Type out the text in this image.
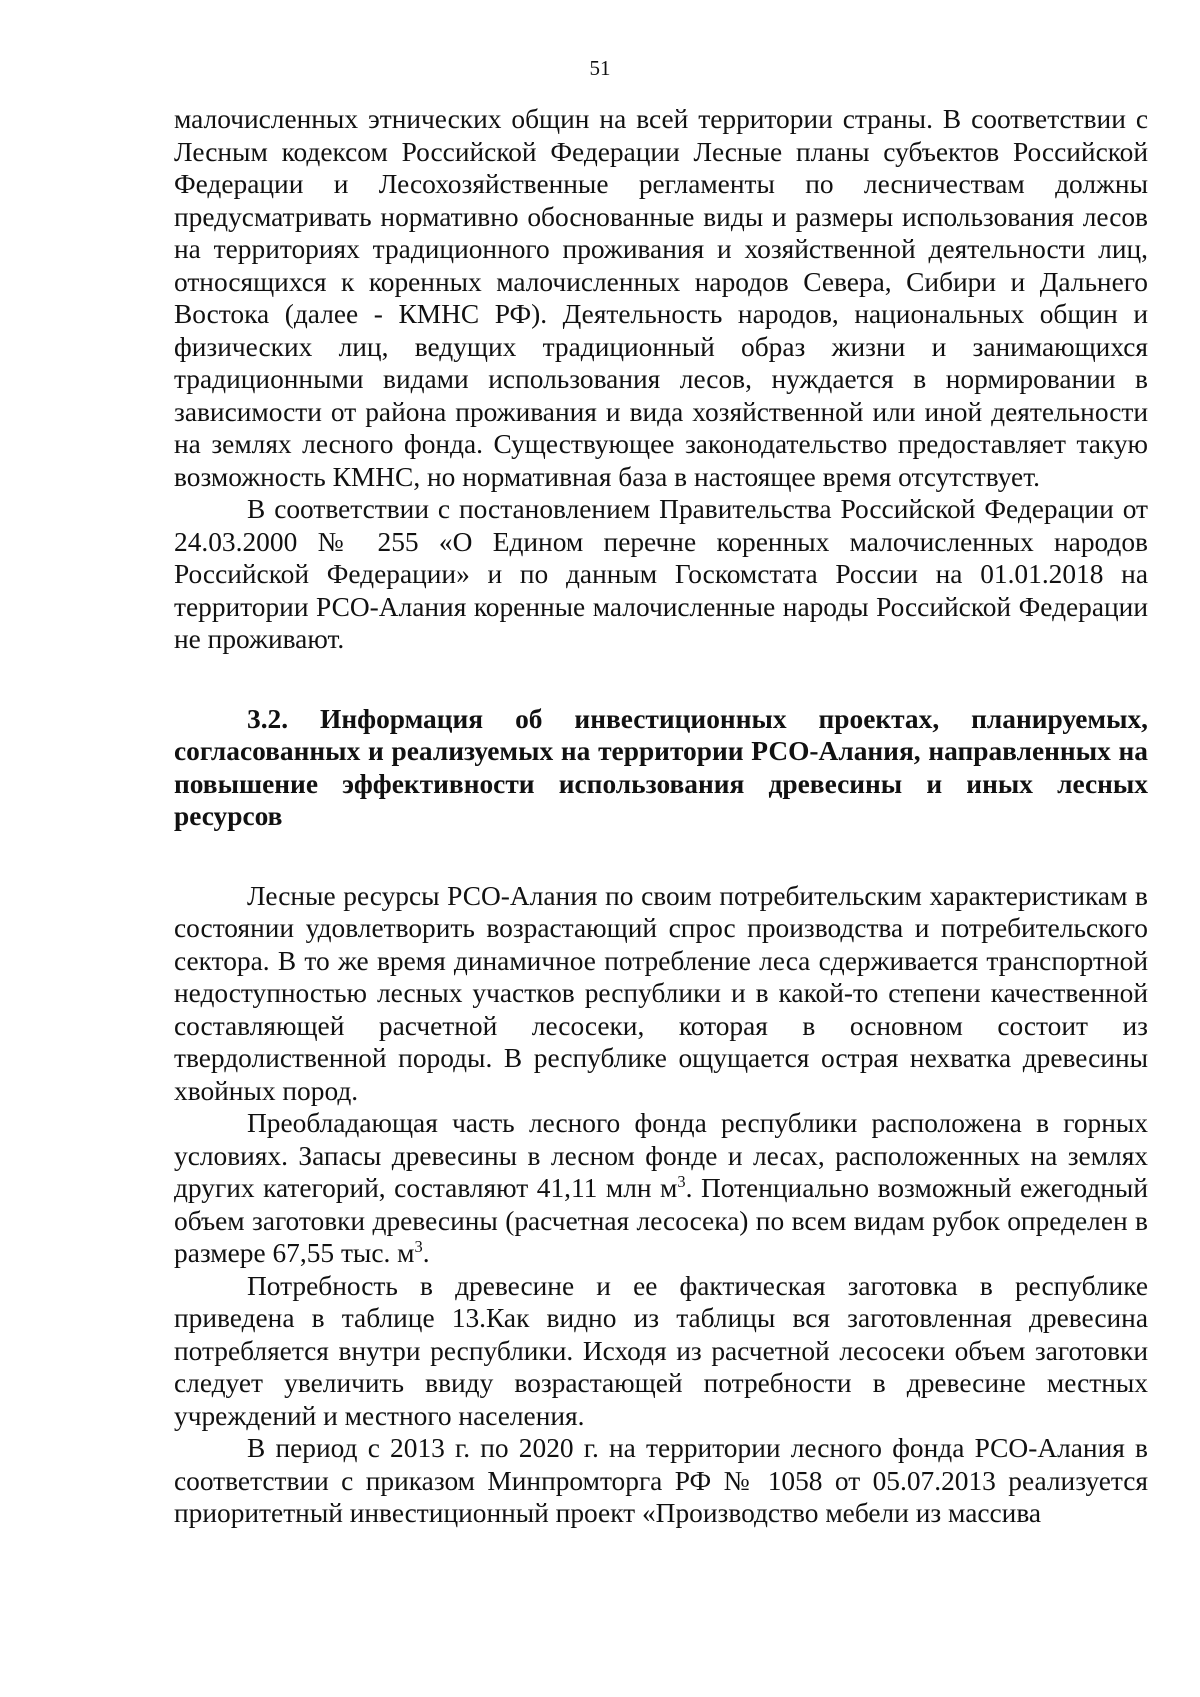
51

малочисленных этнических общин на всей территории страны. В соответствии с Лесным кодексом Российской Федерации Лесные планы субъектов Российской Федерации и Лесохозяйственные регламенты по лесничествам должны предусматривать нормативно обоснованные виды и размеры использования лесов на территориях традиционного проживания и хозяйственной деятельности лиц, относящихся к коренных малочисленных народов Севера, Сибири и Дальнего Востока (далее - КМНС РФ). Деятельность народов, национальных общин и физических лиц, ведущих традиционный образ жизни и занимающихся традиционными видами использования лесов, нуждается в нормировании в зависимости от района проживания и вида хозяйственной или иной деятельности на землях лесного фонда. Существующее законодательство предоставляет такую возможность КМНС, но нормативная база в настоящее время отсутствует.

В соответствии с постановлением Правительства Российской Федерации от 24.03.2000 № 255 «О Едином перечне коренных малочисленных народов Российской Федерации» и по данным Госкомстата России на 01.01.2018 на территории РСО-Алания коренные малочисленные народы Российской Федерации не проживают.

3.2. Информация об инвестиционных проектах, планируемых, согласованных и реализуемых на территории РСО-Алания, направленных на повышение эффективности использования древесины и иных лесных ресурсов

Лесные ресурсы РСО-Алания по своим потребительским характеристикам в состоянии удовлетворить возрастающий спрос производства и потребительского сектора. В то же время динамичное потребление леса сдерживается транспортной недоступностью лесных участков республики и в какой-то степени качественной составляющей расчетной лесосеки, которая в основном состоит из твердолиственной породы. В республике ощущается острая нехватка древесины хвойных пород.

Преобладающая часть лесного фонда республики расположена в горных условиях. Запасы древесины в лесном фонде и лесах, расположенных на землях других категорий, составляют 41,11 млн $м^3$. Потенциально возможный ежегодный объем заготовки древесины (расчетная лесосека) по всем видам рубок определен в размере 67,55 тыс. $м^3$.

Потребность в древесине и ее фактическая заготовка в республике приведена в таблице 13.Как видно из таблицы вся заготовленная древесина потребляется внутри республики. Исходя из расчетной лесосеки объем заготовки следует увеличить ввиду возрастающей потребности в древесине местных учреждений и местного населения.

В период с 2013 г. по 2020 г. на территории лесного фонда РСО-Алания в соответствии с приказом Минпромторга РФ № 1058 от 05.07.2013 реализуется приоритетный инвестиционный проект «Производство мебели из массива
